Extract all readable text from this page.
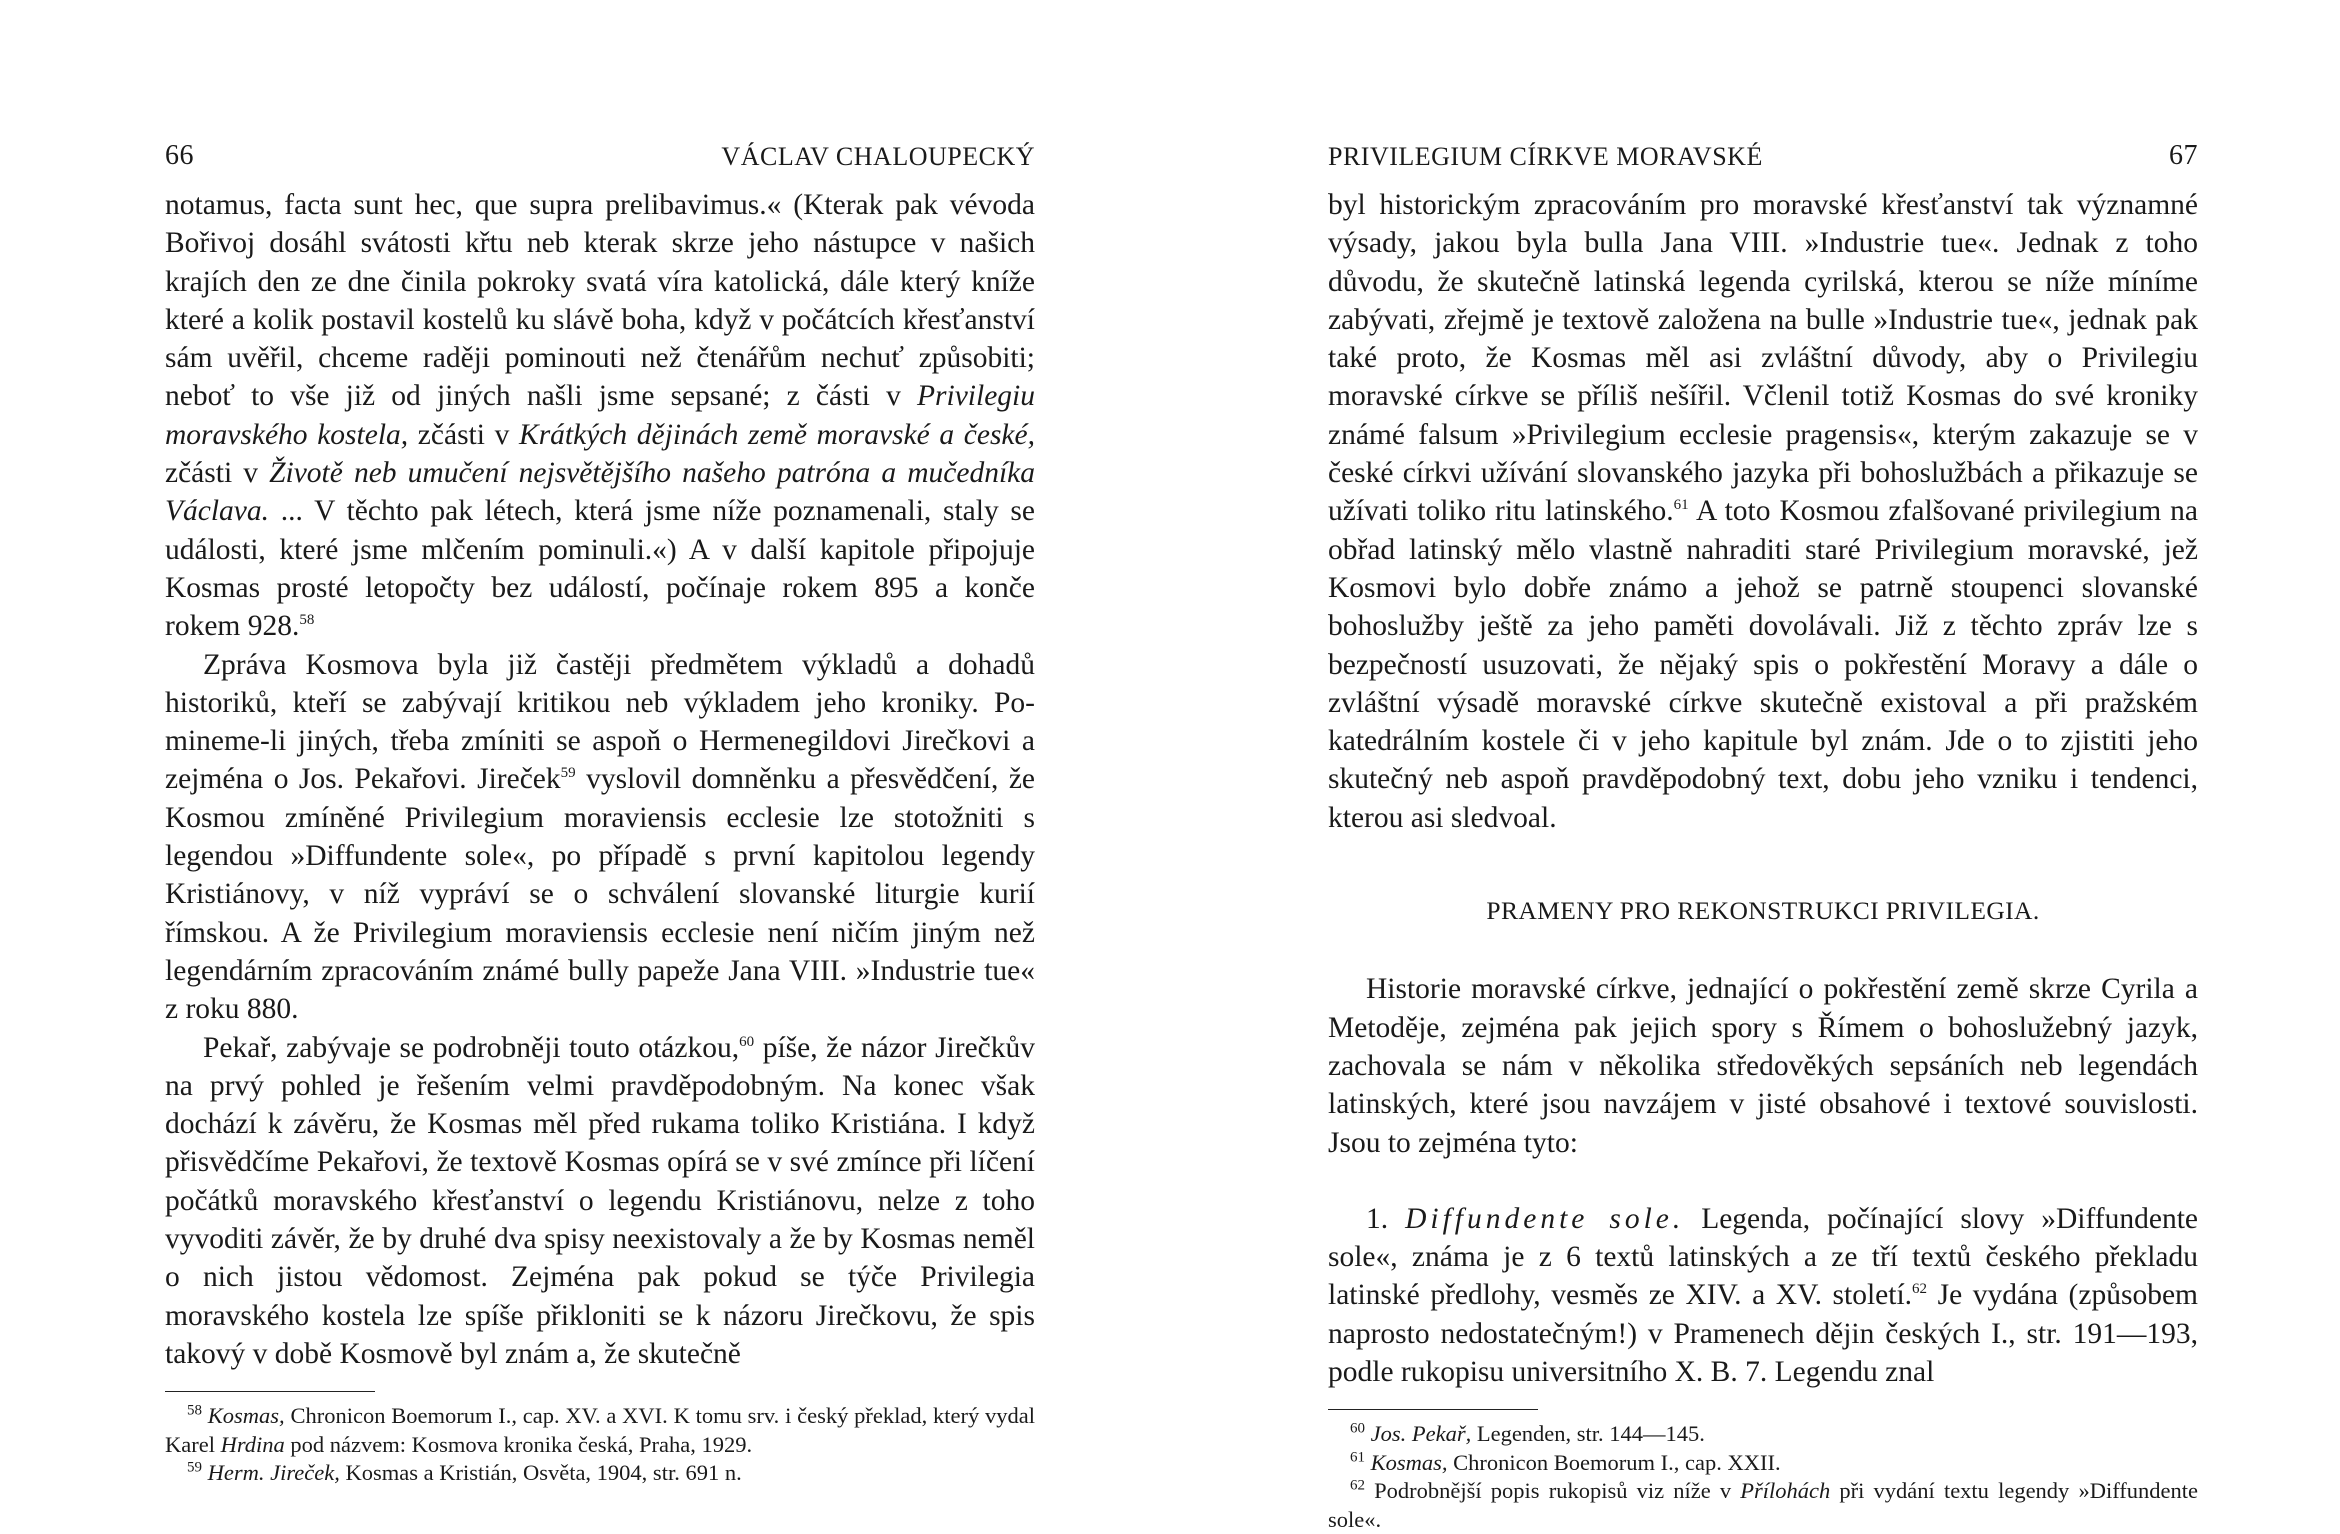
66	VÁCLAV CHALOUPECKÝ

notamus, facta sunt hec, que supra prelibavimus.« (Kterak pak vévoda Bořivoj dosáhl svátosti křtu neb kterak skrze jeho nástupce v našich krajích den ze dne činila pokroky svatá víra katolická, dále který kníže které a kolik postavil kostelů ku slávě boha, když v počátcích křesťanství sám uvěřil, chceme raději pominouti než čtenářům nechuť způsobiti; neboť to vše již od jiných našli jsme sepsané; z části v Privilegiu moravského kostela, zčásti v Krátkých dějinách země moravské a české, zčásti v Životě neb umučení nejsvětějšího našeho patróna a mučedníka Václava. ... V těchto pak létech, která jsme níže poznamenali, staly se události, které jsme mlčením pominuli.«) A v další kapitole připojuje Kosmas prosté letopočty bez událostí, počínaje rokem 895 a konče rokem 928.58

Zpráva Kosmova byla již častěji předmětem výkladů a dohadů historiků, kteří se zabývají kritikou neb výkladem jeho kroniky. Pomineme-li jiných, třeba zmíniti se aspoň o Hermenegildovi Jirečkovi a zejména o Jos. Pekařovi. Jireček$^{59}$ vyslovil domněnku a přesvědčení, že Kosmou zmíněné Privilegium moraviensis ecclesie lze stotožniti s legendou »Diffundente sole«, po případě s první kapitolou legendy Kristiánovy, v níž vypráví se o schválení slovanské liturgie kurií římskou. A že Privilegium moraviensis ecclesie není ničím jiným než legendárním zpracováním známé bully papeže Jana VIII. »Industrie tue« z roku 880.

Pekař, zabývaje se podrobněji touto otázkou,$^{60}$ píše, že názor Jirečkův na prvý pohled je řešením velmi pravděpodobným. Na konec však dochází k závěru, že Kosmas měl před rukama toliko Kristiána. I když přisvědčíme Pekařovi, že textově Kosmas opírá se v své zmínce při líčení počátků moravského křesťanství o legendu Kristiánovu, nelze z toho vyvoditi závěr, že by druhé dva spisy neexistovaly a že by Kosmas neměl o nich jistou vědomost. Zejména pak pokud se týče Privilegia moravského kostela lze spíše přikloniti se k názoru Jirečkovu, že spis takový v době Kosmově byl znám a, že skutečně

$^{58}$ Kosmas, Chronicon Boemorum I., cap. XV. a XVI. K tomu srv. i český překlad, který vydal Karel Hrdina pod názvem: Kosmova kronika česká, Praha, 1929.

$^{59}$ Herm. Jireček, Kosmas a Kristián, Osvěta, 1904, str. 691 n.

PRIVILEGIUM CÍRKVE MORAVSKÉ	67

byl historickým zpracováním pro moravské křesťanství tak významné výsady, jakou byla bulla Jana VIII. »Industrie tue«. Jednak z toho důvodu, že skutečně latinská legenda cyrilská, kterou se níže míníme zabývati, zřejmě je textově založena na bulle »Industrie tue«, jednak pak také proto, že Kosmas měl asi zvláštní důvody, aby o Privilegiu moravské církve se příliš nešířil. Včlenil totiž Kosmas do své kroniky známé falsum »Privilegium ecclesie pragensis«, kterým zakazuje se v české církvi užívání slovanského jazyka při bohoslužbách a přikazuje se užívati toliko ritu latinského.$^{61}$ A toto Kosmou zfalšované privilegium na obřad latinský mělo vlastně nahraditi staré Privilegium moravské, jež Kosmovi bylo dobře známo a jehož se patrně stoupenci slovanské bohoslužby ještě za jeho paměti dovolávali. Již z těchto zpráv lze s bezpečností usuzovati, že nějaký spis o pokřestění Moravy a dále o zvláštní výsadě moravské církve skutečně existoval a při pražském katedrálním kostele či v jeho kapitule byl znám. Jde o to zjistiti jeho skutečný neb aspoň pravděpodobný text, dobu jeho vzniku i tendenci, kterou asi sledvoal.

PRAMENY PRO REKONSTRUKCI PRIVILEGIA.

Historie moravské církve, jednající o pokřestění země skrze Cyrila a Metoděje, zejména pak jejich spory s Římem o bohoslužebný jazyk, zachovala se nám v několika středověkých sepsáních neb legendách latinských, které jsou navzájem v jisté obsahové i textové souvislosti. Jsou to zejména tyto:

1. Diffundente sole. Legenda, počínající slovy »Diffundente sole«, známa je z 6 textů latinských a ze tří textů českého překladu latinské předlohy, vesměs ze XIV. a XV. století.$^{62}$ Je vydána (způsobem naprosto nedostatečným!) v Pramenech dějin českých I., str. 191—193, podle rukopisu universitního X. B. 7. Legendu znal

$^{60}$ Jos. Pekař, Legenden, str. 144—145.

$^{61}$ Kosmas, Chronicon Boemorum I., cap. XXII.

$^{62}$ Podrobnější popis rukopisů viz níže v Přílohách při vydání textu legendy »Diffundente sole«.
